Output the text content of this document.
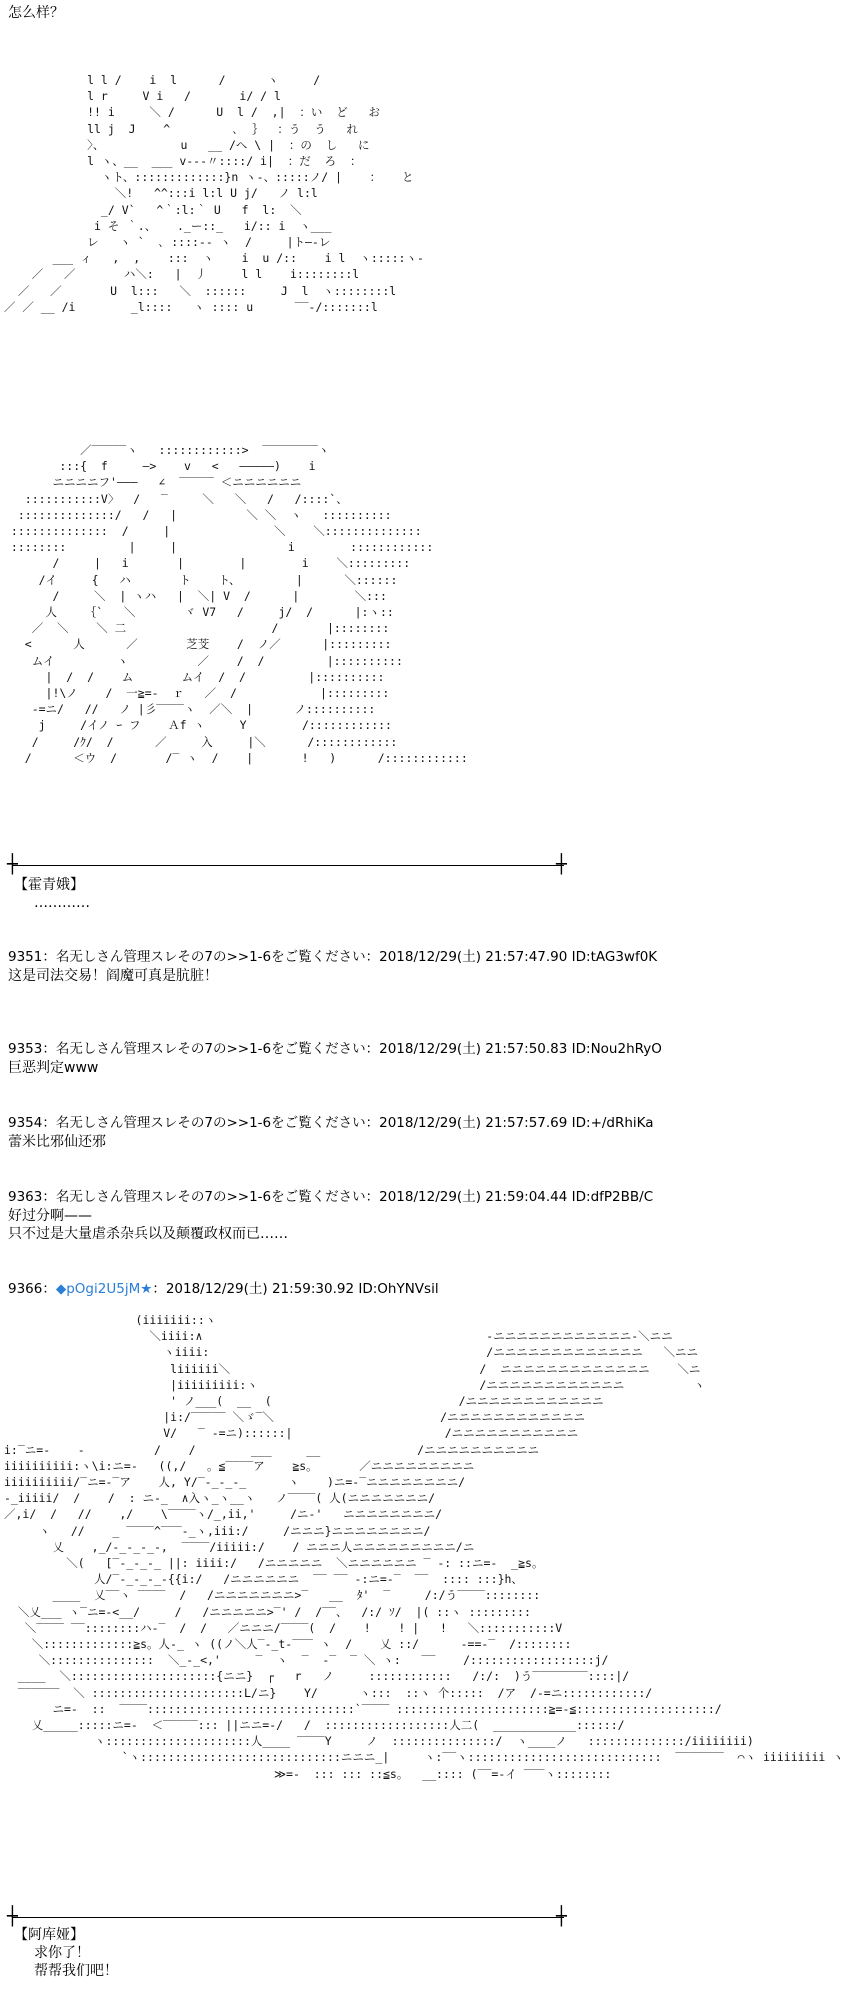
怎么样？
l l /    i  l      /      ヽ     /
l r     V i   /       i/ / l
!! i     ＼ /      U  l /  ,|  ：い  ど   お
ll j  J    ^         ､  ｝  ：う  う   れ
〉、           u   __ /へ \ |  ：の  し   に
l ヽ、__  ___ v---〃::::/ i|  ：だ  ろ  ：
ヽト、:::::::::::::}n ヽ-、:::::ノ/ |    ：   と
＼!   ^^:::i l:l U j/   ノ l:l
_/ V`   ^｀:l:｀ U   f  l:  ＼
i そ ｀.、   ._ー::_   i/:: i  ヽ___
レ   ヽ `  ､ ::::-- ヽ  /     |ト―-レ
___ ィ   ,  ,    :::  ヽ    i  u /::    i l  ヽ:::::ヽ-
／   ／       ハ＼:   |  丿     l l    i::::::::l
／   ／       U  l:::   ＼  ::::::     J  l  ヽ::::::::l
／ ／ __ /i        _l::::   ヽ :::: u      ‾‾-/:::::::l
／‾‾‾‾‾ヽ   ::::::::::::>  ‾‾‾‾‾‾‾‾ヽ
:::{  f     ―>    v   <   ―――――)    i
ニニニニフ'―――   ∠  ‾‾‾‾‾ ＜ニニニニニニ
:::::::::::V〉  /   ‾     ＼   ＼   /   /::::`、
::::::::::::::/   /   |          ＼ ＼  ヽ   ::::::::::
::::::::::::::  /     |               ＼    ＼::::::::::::::
::::::::         |     |                i        ::::::::::::
/     |   i       |        |        i    ＼:::::::::
/イ     {   ハ       ト    ト、        |      ＼::::::
/     ＼  | ヽハ   |  ＼| V  /      |        ＼:::
人    ｛`   ＼       ヾ V7   /     j/  /      |:ヽ::
／  ＼    ＼ 二                     /       |::::::::
<      人      ／       芝芠    /  ノ／      |:::::::::
ムイ         ヽ          ／    /  /         |::::::::::
|  /  /    ム       ムイ  /  /         |::::::::::
|!\ノ    /  一≧=-  ｒ   ／  /            |:::::::::
-=ニ/   //   ノ |彡‾‾‾‾ヽ  ／＼  |      ノ::::::::::
j     /イノ ｰ フ    Ａf ヽ     Y        /::::::::::::
/     /ｸ/  /      ／     入     |＼      /::::::::::::
/      ＜ウ  /       /‾ ヽ  /    |       !   )      /::::::::::::
┼	┼
【霍青娥】
…………
9351：名无しさん管理スレその7の>>1-6をご覧ください：2018/12/29(土) 21:57:47.90 ID:tAG3wf0K
这是司法交易！阎魔可真是肮脏！
9353：名无しさん管理スレその7の>>1-6をご覧ください：2018/12/29(土) 21:57:50.83 ID:Nou2hRyO
巨恶判定www
9354：名无しさん管理スレその7の>>1-6をご覧ください：2018/12/29(土) 21:57:57.69 ID:+/dRhiKa
蕾米比邪仙还邪
9363：名无しさん管理スレその7の>>1-6をご覧ください：2018/12/29(土) 21:59:04.44 ID:dfP2BB/C
好过分啊——
只不过是大量虐杀杂兵以及颠覆政权而已……
9366：◆pOgi2U5jM★：2018/12/29(土) 21:59:30.92 ID:OhYNVsil
(iiiiiii::ヽ
＼iiii:∧                                         -ニニニニニニニニニニニニ-＼ニニ
ヽiiii:                                        /ニニニニニニニニニニニニニ   ＼ニニ
liiiiii＼                                    /  ニニニニニニニニニニニニニ    ＼ニ
|iiiiiiiii:ヽ                                /ニニニニニニニニニニニニ          ヽ
' ノ___(  __  (                           /ニニニニニニニニニニニニ
|i:/‾‾‾‾‾ ＼ゞ‾＼                        /ニニニニニニニニニニニニ
V/   ‾ -=ニ)::::::|                      /ニニニニニニニニニニニ
i:‾ニ=-    -          /    /        ___     __              /ニニニニニニニニニニ
iiiiiiiiii:ヽ\i:ニ=-   ((,/   。≦‾‾‾‾ア    ≧s。      ／ニニニニニニニニニ
iiiiiiiiii/‾ニ=-‾ア    人, Y/‾-_-_-_      ヽ    )ニ=-‾ニニニニニニニニ/
-_iiiii/  /    /  : ニ-_  ∧入ヽ_ヽ__ヽ   ノ‾‾‾‾( 人(ニニニニニニニ/
／,i/  /   //    ,/    \‾‾‾‾ヽ/_,ii,'     /ニ-'   ニニニニニニニニ/
ヽ   //    _ ‾‾‾‾^‾‾‾-_ヽ,iii:/     /ニニニ}ニニニニニニニニ/
乂    ,_/-_-_-_-,  ‾‾‾‾/iiiii:/    / ニニニ人ニニニニニニニニニ/ニ
＼(   [‾-_-_-_ ||: iiii:/   /ニニニニニ  ＼ニニニニニニ ‾ -: ::ニ=-  _≧s。
人/‾-_-_-_-{{i:/   /ニニニニニニ  ‾‾ ‾‾ -:ニ=-‾  ‾‾  :::: :::}h、
____  乂‾‾ヽ ‾‾‾‾  /   /ニニニニニニニ>‾   __  ﾀ'  ‾     /:/う‾‾‾‾::::::::
＼乂___ ヽ‾ニ=-<__/     /   /ニニニニニ>‾' /  /‾‾、  /:/ ｿ/  |( ::ヽ :::::::::
＼‾‾‾‾ ‾‾::::::::ハ-‾  /  /   ／ニニニ/‾‾‾‾(  /    !    ! |   !   ＼:::::::::::V
＼:::::::::::::≧s。人-_ ヽ ((ノ＼人‾-_t-‾‾‾ ヽ  /    乂 ::/      -==-‾  /::::::::
＼:::::::::::::::  ＼_-_<,'     ‾  ヽ  ‾  -‾  ‾ ＼ ヽ:   ‾‾    /::::::::::::::::::j/
____  ＼:::::::::::::::::::::{ニニ}  ┌   r   ノ     ::::::::::::   /:/:  )う‾‾‾‾‾‾‾‾::::|/
‾‾‾‾‾‾  ＼ ::::::::::::::::::::::L/ニ}    Y/      ヽ:::  ::ヽ 个:::::  /ア  /-=ニ::::::::::::/
ニ=-  ::  ‾‾‾‾::::::::::::::::::::::::::::::`‾‾‾‾ ::::::::::::::::::::::≧=-≦::::::::::::::::::::/
乂_____:::::ニ=-  ＜‾‾‾‾‾::: ||ニニ=-/   /  ::::::::::::::::::人二(  ____________::::::/
ヽ:::::::::::::::::::::人____ ‾‾‾‾Y     ノ  :::::::::::::::/  ヽ____ノ   ::::::::::::::/iiiiiiii)
`ヽ:::::::::::::::::::::::::::::ニニニ_|     ヽ:‾‾ヽ::::::::::::::::::::::::::::  ‾‾‾‾‾‾‾  ⌒ヽ iiiiiiiii ヽ
≫=-  ::: ::: ::≦s。  __:::: (‾‾=-イ ‾‾‾ヽ::::::::
┼	┼
【阿库娅】
求你了！
帮帮我们吧！
